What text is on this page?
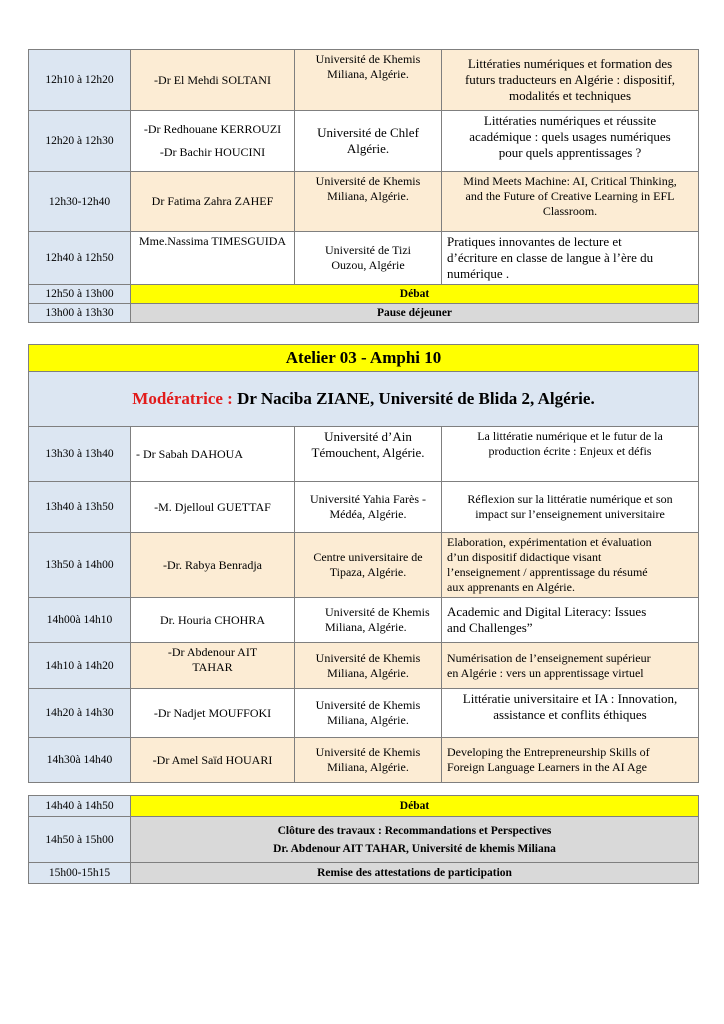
12h10 à 12h20	-Dr El Mehdi SOLTANI	Université de Khemis
Miliana, Algérie.	Littératies numériques et formation des
futurs traducteurs en Algérie : dispositif,
modalités et techniques

12h20 à 12h30	-Dr Redhouane KERROUZI
-Dr Bachir HOUCINI	Université de Chlef
Algérie.	Littératies numériques et réussite
académique : quels usages numériques
pour quels apprentissages ?

12h30-12h40	Dr Fatima Zahra ZAHEF	Université de Khemis
Miliana, Algérie.	Mind Meets Machine: AI, Critical Thinking,
and the Future of Creative Learning in EFL
Classroom.

12h40 à 12h50	Mme.Nassima TIMESGUIDA	Université de Tizi
Ouzou, Algérie	Pratiques innovantes de lecture et
d’écriture en classe de langue à l’ère du
numérique .

12h50 à 13h00	Débat		
13h00 à 13h30	Pause déjeuner		
Atelier 03 - Amphi 10			
Modératrice : Dr Naciba ZIANE, Université de Blida 2, Algérie.			
13h30 à 13h40	- Dr Sabah DAHOUA	Université d’Ain
Témouchent, Algérie.	La littératie numérique et le futur de la
production écrite : Enjeux et défis

13h40 à 13h50	-M. Djelloul GUETTAF	Université Yahia Farès -
Médéa, Algérie.	Réflexion sur la littératie numérique et son
impact sur l’enseignement universitaire

13h50 à 14h00	-Dr. Rabya Benradja	Centre universitaire de
Tipaza, Algérie.	Elaboration, expérimentation et évaluation
d’un dispositif didactique visant
l’enseignement / apprentissage du résumé
aux apprenants en Algérie.

14h00à 14h10	Dr. Houria CHOHRA	Université de Khemis
Miliana, Algérie.	Academic and Digital Literacy: Issues
and Challenges”

14h10 à 14h20	-Dr Abdenour AIT
TAHAR	Université de Khemis
Miliana, Algérie.	Numérisation de l’enseignement supérieur
en Algérie : vers un apprentissage virtuel

14h20 à 14h30	-Dr Nadjet MOUFFOKI	Université de Khemis
Miliana, Algérie.	Littératie universitaire et IA : Innovation,
assistance et conflits éthiques

14h30à 14h40	-Dr Amel Saïd HOUARI	Université de Khemis
Miliana, Algérie.	Developing the Entrepreneurship Skills of
Foreign Language Learners in the AI Age
14h40 à 14h50	Débat
14h50 à 15h00	Clôture des travaux : Recommandations et Perspectives
Dr. Abdenour AIT TAHAR, Université de khemis Miliana

15h00-15h15	Remise des attestations de participation
